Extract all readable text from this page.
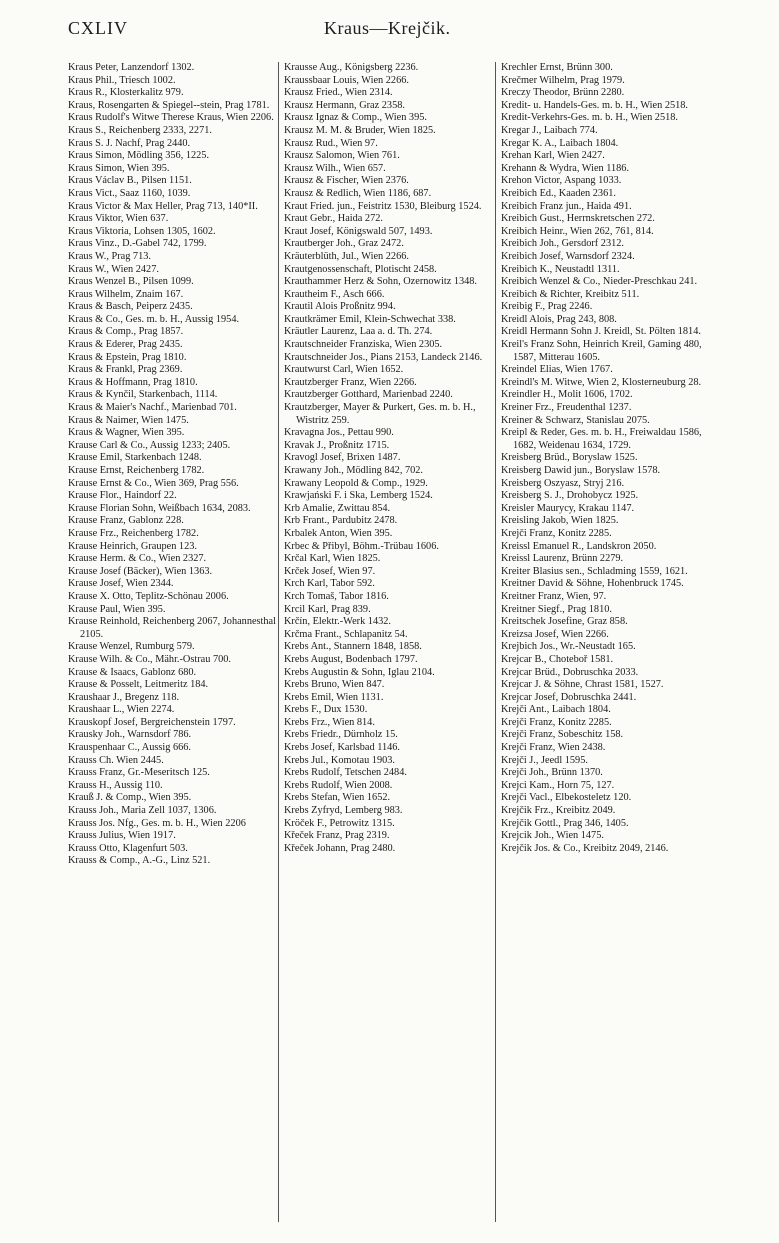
CXLIV	Kraus—Krejčik.
Kraus Peter, Lanzendorf 1302.
Kraus Phil., Triesch 1002.
Kraus R., Klosterkalitz 979.
Kraus, Rosengarten & Spiegel--stein, Prag 1781.
Kraus Rudolf's Witwe Therese Kraus, Wien 2206.
Kraus S., Reichenberg 2333, 2271.
Kraus S. J. Nachf, Prag 2440.
Kraus Simon, Mödling 356, 1225.
Kraus Simon, Wien 395.
Kraus Václav B., Pilsen 1151.
Kraus Vict., Saaz 1160, 1039.
Kraus Victor & Max Heller, Prag 713, 140*II.
Kraus Viktor, Wien 637.
Kraus Viktoria, Lohsen 1305, 1602.
Kraus Vinz., D.-Gabel 742, 1799.
Kraus W., Prag 713.
Kraus W., Wien 2427.
Kraus Wenzel B., Pilsen 1099.
Kraus Wilhelm, Znaim 167.
Kraus & Basch, Peiperz 2435.
Kraus & Co., Ges. m. b. H., Aussig 1954.
Kraus & Comp., Prag 1857.
Kraus & Ederer, Prag 2435.
Kraus & Epstein, Prag 1810.
Kraus & Frankl, Prag 2369.
Kraus & Hoffmann, Prag 1810.
Kraus & Kynčil, Starkenbach, 1114.
Kraus & Maier's Nachf., Marienbad 701.
Kraus & Naimer, Wien 1475.
Kraus & Wagner, Wien 395.
Krause Carl & Co., Aussig 1233; 2405.
Krause Emil, Starkenbach 1248.
Krause Ernst, Reichenberg 1782.
Krause Ernst & Co., Wien 369, Prag 556.
Krause Flor., Haindorf 22.
Krause Florian Sohn, Weißbach 1634, 2083.
Krause Franz, Gablonz 228.
Krause Frz., Reichenberg 1782.
Krause Heinrich, Graupen 123.
Krause Herm. & Co., Wien 2327.
Krause Josef (Bäcker), Wien 1363.
Krause Josef, Wien 2344.
Krause X. Otto, Teplitz-Schönau 2006.
Krause Paul, Wien 395.
Krause Reinhold, Reichenberg 2067, Johannesthal 2105.
Krause Wenzel, Rumburg 579.
Krause Wilh. & Co., Mähr.-Ostrau 700.
Krause & Isaacs, Gablonz 680.
Krause & Posselt, Leitmeritz 184.
Kraushaar J., Bregenz 118.
Kraushaar L., Wien 2274.
Krauskopf Josef, Bergreichenstein 1797.
Krausky Joh., Warnsdorf 786.
Krauspenhaar C., Aussig 666.
Krauss Ch. Wien 2445.
Krauss Franz, Gr.-Meseritsch 125.
Krauss H., Aussig 110.
Krauß J. & Comp., Wien 395.
Krauss Joh., Maria Zell 1037, 1306.
Krauss Jos. Nfg., Ges. m. b. H., Wien 2206
Krauss Julius, Wien 1917.
Krauss Otto, Klagenfurt 503.
Krauss & Comp., A.-G., Linz 521.
Krausse Aug., Königsberg 2236.
Kraussbaar Louis, Wien 2266.
Krausz Fried., Wien 2314.
Krausz Hermann, Graz 2358.
Krausz Ignaz & Comp., Wien 395.
Krausz M. M. & Bruder, Wien 1825.
Krausz Rud., Wien 97.
Krausz Salomon, Wien 761.
Krausz Wilh., Wien 657.
Krausz & Fischer, Wien 2376.
Krausz & Redlich, Wien 1186, 687.
Kraut Fried. jun., Feistritz 1530, Bleiburg 1524.
Kraut Gebr., Haida 272.
Kraut Josef, Königswald 507, 1493.
Krautberger Joh., Graz 2472.
Kräuterblüth, Jul., Wien 2266.
Krautgenossenschaft, Plotischt 2458.
Krauthammer Herz & Sohn, Ozernowitz 1348.
Krautheim F., Asch 666.
Krautil Alois Proßnitz 994.
Krautkrämer Emil, Klein-Schwechat 338.
Kräutler Laurenz, Laa a. d. Th. 274.
Krautschneider Franziska, Wien 2305.
Krautschneider Jos., Pians 2153, Landeck 2146.
Krautwurst Carl, Wien 1652.
Krautzberger Franz, Wien 2266.
Krautzberger Gotthard, Marienbad 2240.
Krautzberger, Mayer & Purkert, Ges. m. b. H., Wistritz 259.
Kravagna Jos., Pettau 990.
Kravak J., Proßnitz 1715.
Kravogl Josef, Brixen 1487.
Krawany Joh., Mödling 842, 702.
Krawany Leopold & Comp., 1929.
Krawjański F. i Ska, Lemberg 1524.
Krb Amalie, Zwittau 854.
Krb Frant., Pardubitz 2478.
Krbalek Anton, Wien 395.
Krbec & Přibyl, Böhm.-Trübau 1606.
Krčal Karl, Wien 1825.
Krček Josef, Wien 97.
Krch Karl, Tabor 592.
Krch Tomaš, Tabor 1816.
Krcil Karl, Prag 839.
Krčín, Elektr.-Werk 1432.
Krčma Frant., Schlapanitz 54.
Krebs Ant., Stannern 1848, 1858.
Krebs August, Bodenbach 1797.
Krebs Augustin & Sohn, Iglau 2104.
Krebs Bruno, Wien 847.
Krebs Emil, Wien 1131.
Krebs F., Dux 1530.
Krebs Frz., Wien 814.
Krebs Friedr., Dürnholz 15.
Krebs Josef, Karlsbad 1146.
Krebs Jul., Komotau 1903.
Krebs Rudolf, Tetschen 2484.
Krebs Rudolf, Wien 2008.
Krebs Stefan, Wien 1652.
Krebs Zyfryd, Lemberg 983.
Kröček F., Petrowitz 1315.
Křeček Franz, Prag 2319.
Křeček Johann, Prag 2480.
Krechler Ernst, Brünn 300.
Krečmer Wilhelm, Prag 1979.
Kreczy Theodor, Brünn 2280.
Kredit- u. Handels-Ges. m. b. H., Wien 2518.
Kredit-Verkehrs-Ges. m. b. H., Wien 2518.
Kregar J., Laibach 774.
Kregar K. A., Laibach 1804.
Krehan Karl, Wien 2427.
Krehann & Wydra, Wien 1186.
Krehon Victor, Aspang 1033.
Kreibich Ed., Kaaden 2361.
Kreibich Franz jun., Haida 491.
Kreibich Gust., Herrnskretschen 272.
Kreibich Heinr., Wien 262, 761, 814.
Kreibich Joh., Gersdorf 2312.
Kreibich Josef, Warnsdorf 2324.
Kreibich K., Neustadtl 1311.
Kreibich Wenzel & Co., Nieder-Preschkau 241.
Kreibich & Richter, Kreibitz 511.
Kreibig F., Prag 2246.
Kreidl Alois, Prag 243, 808.
Kreidl Hermann Sohn J. Kreidl, St. Pölten 1814.
Kreil's Franz Sohn, Heinrich Kreil, Gaming 480, 1587, Mitterau 1605.
Kreindel Elias, Wien 1767.
Kreindl's M. Witwe, Wien 2, Klosterneuburg 28.
Kreindler H., Molit 1606, 1702.
Kreiner Frz., Freudenthal 1237.
Kreiner & Schwarz, Stanislau 2075.
Kreipl & Reder, Ges. m. b. H., Freiwaldau 1586, 1682, Weidenau 1634, 1729.
Kreisberg Brüd., Boryslaw 1525.
Kreisberg Dawid jun., Boryslaw 1578.
Kreisberg Oszyasz, Stryj 216.
Kreisberg S. J., Drohobycz 1925.
Kreisler Maurycy, Krakau 1147.
Kreisling Jakob, Wien 1825.
Krejči Franz, Konitz 2285.
Kreissl Emanuel R., Landskron 2050.
Kreissl Laurenz, Brünn 2279.
Kreiter Blasius sen., Schladming 1559, 1621.
Kreitner David & Söhne, Hohenbruck 1745.
Kreitner Franz, Wien, 97.
Kreitner Siegf., Prag 1810.
Kreitschek Josefine, Graz 858.
Kreizsa Josef, Wien 2266.
Krejbich Jos., Wr.-Neustadt 165.
Krejcar B., Choteboř 1581.
Krejcar Brüd., Dobruschka 2033.
Krejcar J. & Söhne, Chrast 1581, 1527.
Krejcar Josef, Dobruschka 2441.
Krejči Ant., Laibach 1804.
Krejči Franz, Konitz 2285.
Krejči Franz, Sobeschitz 158.
Krejči Franz, Wien 2438.
Krejči J., Jeedl 1595.
Krejči Joh., Brünn 1370.
Krejci Kam., Horn 75, 127.
Krejči Vacl., Elbekosteletz 120.
Krejčik Frz., Kreibitz 2049.
Krejčik Gottl., Prag 346, 1405.
Krejcik Joh., Wien 1475.
Krejčik Jos. & Co., Kreibitz 2049, 2146.
